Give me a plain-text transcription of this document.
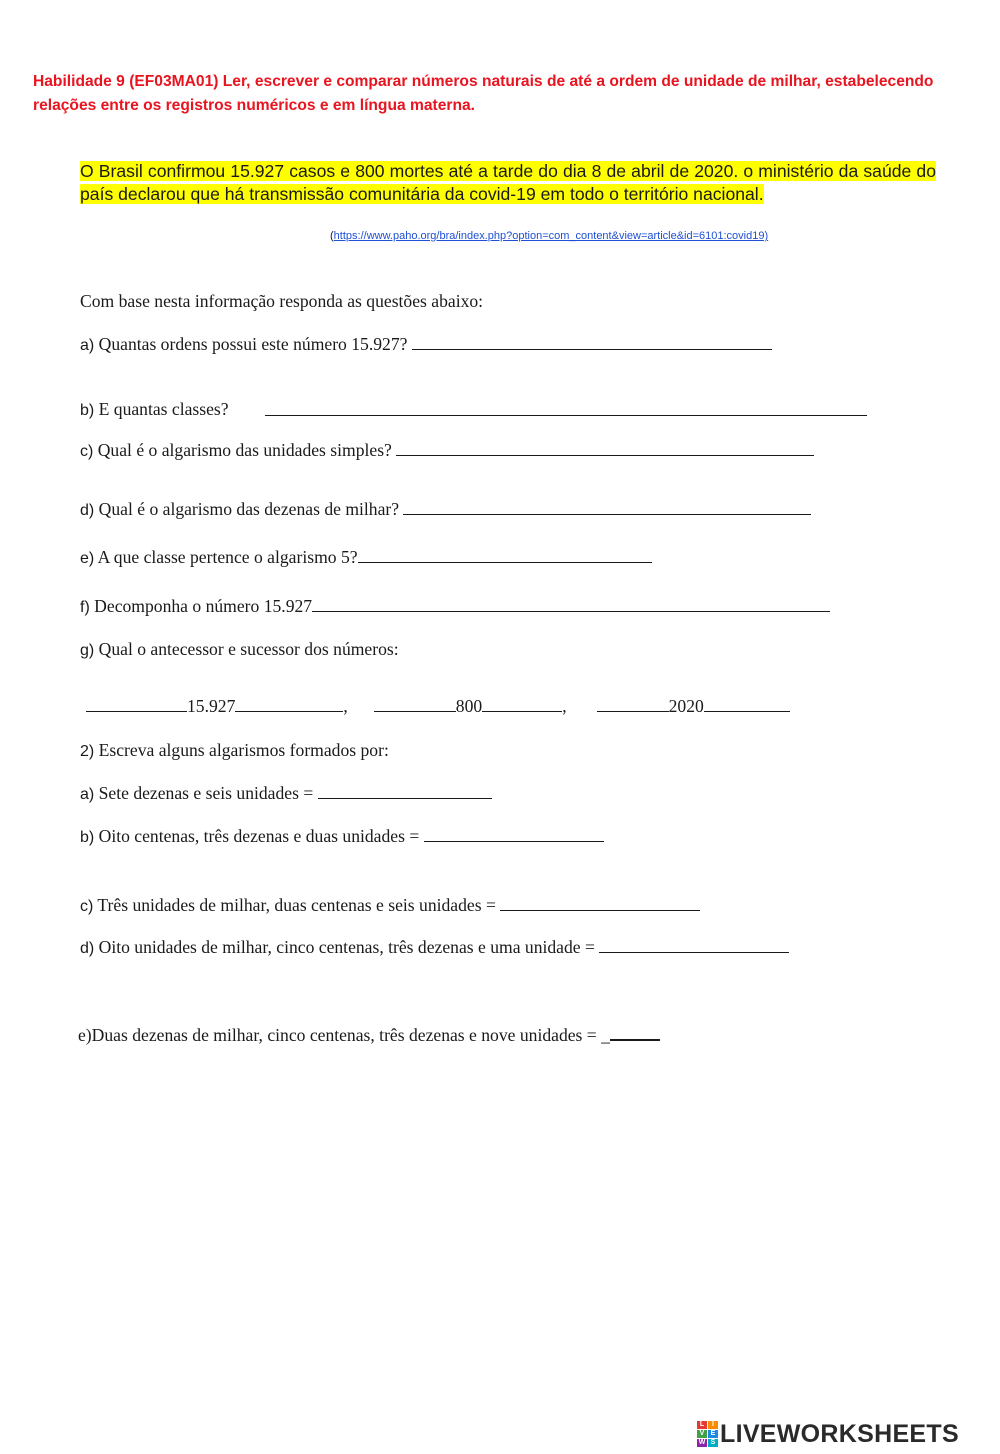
Habilidade 9 (EF03MA01) Ler, escrever e comparar números naturais de até a ordem de unidade de milhar, estabelecendo relações entre os registros numéricos e em língua materna.
O Brasil confirmou 15.927 casos e 800 mortes até a tarde do dia 8 de abril de 2020. o ministério da saúde do país declarou que há transmissão comunitária da covid-19 em todo o território nacional.
(https://www.paho.org/bra/index.php?option=com_content&view=article&id=6101:covid19)
Com base nesta informação responda as questões abaixo:
a) Quantas ordens possui este número 15.927?
b) E quantas classes?
c) Qual é o algarismo das unidades simples?
d) Qual é o algarismo das dezenas de milhar?
e) A que classe pertence o algarismo 5?
f) Decomponha o número 15.927
g) Qual o antecessor e sucessor dos números:
15.927	,	800	,	2020
2) Escreva alguns algarismos formados por:
a) Sete dezenas e seis unidades =
b) Oito centenas, três dezenas e duas unidades =
c) Três unidades de milhar, duas centenas e seis unidades =
d) Oito unidades de milhar, cinco centenas, três dezenas e uma unidade =
e)Duas dezenas de milhar, cinco centenas, três dezenas e nove unidades = _
L	I
V E
W S LIVEWORKSHEETS
